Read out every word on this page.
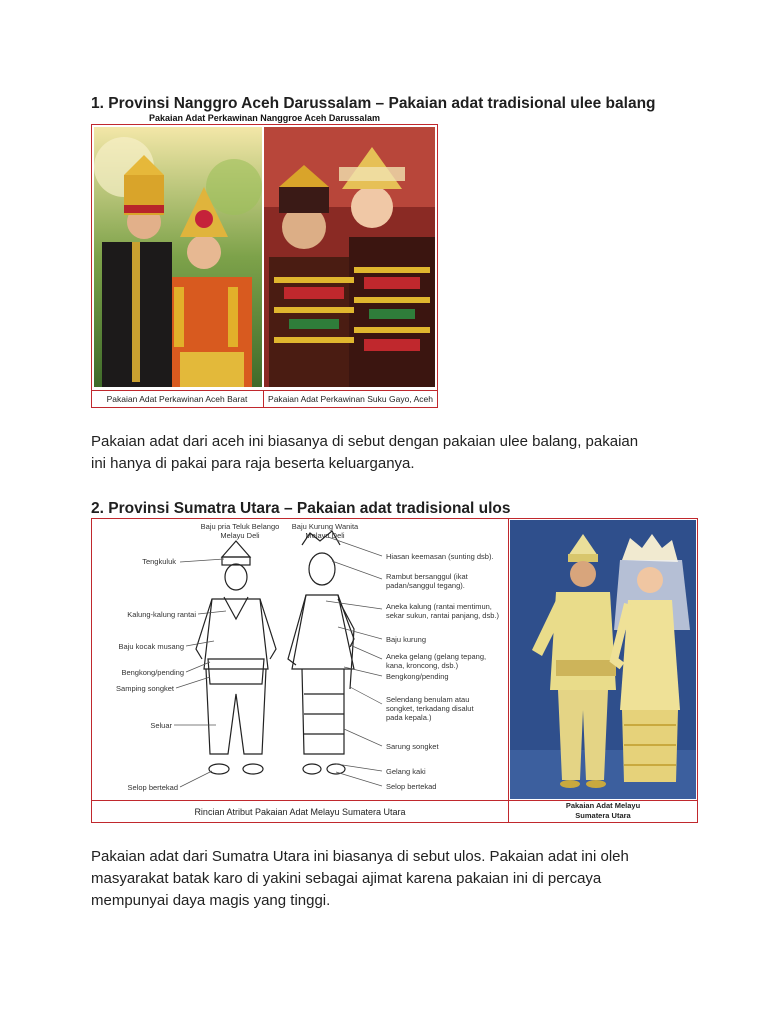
1. Provinsi Nanggro Aceh Darussalam – Pakaian adat tradisional ulee balang
Pakaian Adat Perkawinan Nanggroe Aceh Darussalam
Pakaian Adat Perkawinan Aceh Barat	Pakaian Adat Perkawinan Suku Gayo, Aceh
Pakaian adat dari aceh ini biasanya di sebut dengan pakaian ulee balang, pakaian
ini hanya di pakai para raja beserta keluarganya.
2. Provinsi Sumatra Utara – Pakaian adat tradisional ulos
Baju pria Teluk Belango
Melayu Deli
Baju Kurung Wanita
Melayu Deli
Tengkuluk
Kalung-kalung rantai
Baju kocak musang
Bengkong/pending
Samping songket
Seluar
Selop bertekad
Hiasan keemasan (sunting dsb).
Rambut bersanggul (ikat
padan/sanggul tegang).
Aneka kalung (rantai mentimun,
sekar sukun, rantai panjang, dsb.)
Baju kurung
Aneka gelang (gelang tepang,
kana, kroncong, dsb.)
Bengkong/pending
Selendang benulam atau
songket, terkadang disalut
pada kepala.)
Sarung songket
Gelang kaki
Selop bertekad
Rincian Atribut Pakaian Adat Melayu Sumatera Utara
Pakaian Adat Melayu
Sumatera Utara
Pakaian adat dari Sumatra Utara ini biasanya di sebut ulos. Pakaian adat ini oleh
masyarakat batak karo di yakini sebagai ajimat karena pakaian ini di percaya
mempunyai daya magis yang tinggi.
